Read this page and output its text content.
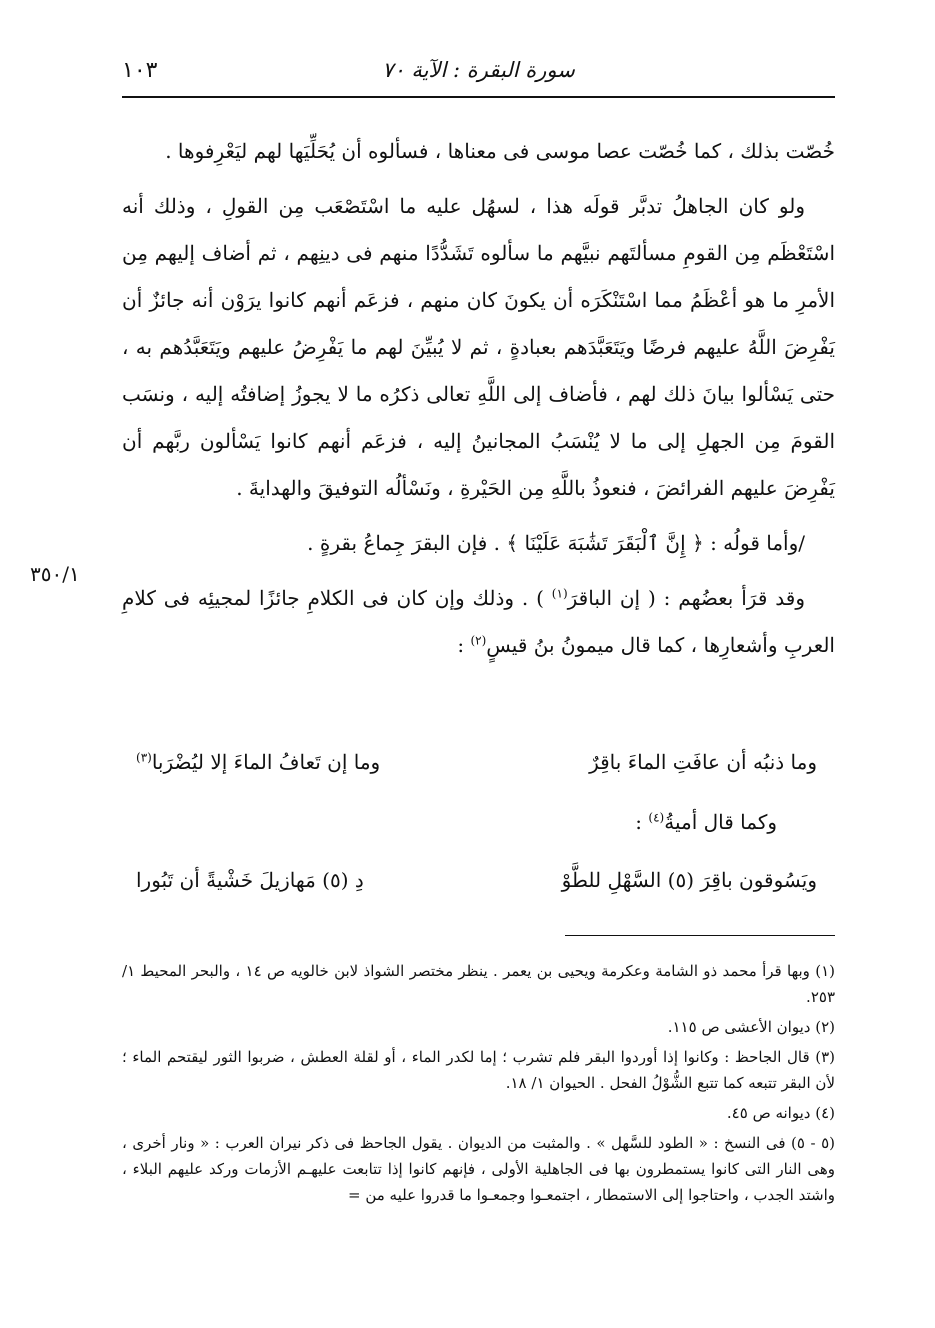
١٠٣	سورة البقرة : الآية ٧٠
٣٥٠/١

خُصّت بذلك ، كما خُصّت عصا موسى فى معناها ، فسألوه أن يُحَلِّيَها لهم ليَعْرِفوها .

ولو كان الجاهلُ تدبَّر قولَه هذا ، لسهُل عليه ما اسْتَصْعَب مِن القولِ ، وذلك أنه اسْتَعْظَم مِن القومِ مسألتَهم نبيَّهم ما سألوه تَشَدُّدًا منهم فى دينِهم ، ثم أضاف إليهم مِن الأمرِ ما هو أعْظَمُ مما اسْتَنْكَرَه أن يكونَ كان منهم ، فزعَم أنهم كانوا يرَوْن أنه جائزٌ أن يَفْرِضَ اللَّهُ عليهم فرضًا ويَتَعَبَّدَهم بعبادةٍ ، ثم لا يُبيِّنَ لهم ما يَفْرِضُ عليهم ويَتَعَبَّدُهم به ، حتى يَسْألوا بيانَ ذلك لهم ، فأضاف إلى اللَّهِ تعالى ذكرُه ما لا يجوزُ إضافتُه إليه ، ونسَب القومَ مِن الجهلِ إلى ما لا يُنْسَبُ المجانينُ إليه ، فزعَم أنهم كانوا يَسْألون ربَّهم أن يَفْرِضَ عليهم الفرائضَ ، فنعوذُ باللَّهِ مِن الحَيْرةِ ، ونَسْألُه التوفيقَ والهدايةَ .

/وأما قولُه : ﴿ إِنَّ ٱلْبَقَرَ تَشَٰبَهَ عَلَيْنَا ﴾ . فإن البقرَ جِماعُ بقرةٍ .

وقد قرَأ بعضُهم : ( إن الباقرَ$^{(١)}$ ) . وذلك وإن كان فى الكلامِ جائزًا لمجيئِه فى كلامِ العربِ وأشعارِها ، كما قال ميمونُ بنُ قيسٍ$^{(٢)}$ :

وما ذنبُه أن عافَتِ الماءَ باقِرٌ
وما إن تَعافُ الماءَ إلا ليُضْرَبا$^{(٣)}$
وكما قال أميةُ$^{(٤)}$ :
ويَسُوقون باقِرَ (٥) السَّهْلِ للطَّوْ
دِ (٥) مَهازيلَ خَشْيةً أن تَبُورا

(١) وبها قرأ محمد ذو الشامة وعكرمة ويحيى بن يعمر . ينظر مختصر الشواذ لابن خالويه ص ١٤ ، والبحر المحيط ١/ ٢٥٣.

(٢) ديوان الأعشى ص ١١٥.

(٣) قال الجاحظ : وكانوا إذا أوردوا البقر فلم تشرب ؛ إما لكدر الماء ، أو لقلة العطش ، ضربوا الثور ليقتحم الماء ؛ لأن البقر تتبعه كما تتبع الشُّوْلُ الفحل . الحيوان ١/ ١٨.

(٤) ديوانه ص ٤٥.

(٥ - ٥) فى النسخ : « الطود للسَّهل » . والمثبت من الديوان . يقول الجاحظ فى ذكر نيران العرب : « ونار أخرى ، وهى النار التى كانوا يستمطرون بها فى الجاهلية الأولى ، فإنهم كانوا إذا تتابعت عليهـم الأزمات وركد عليهم البلاء ، واشتد الجدب ، واحتاجوا إلى الاستمطار ، اجتمعـوا وجمعـوا ما قدروا عليه من =
